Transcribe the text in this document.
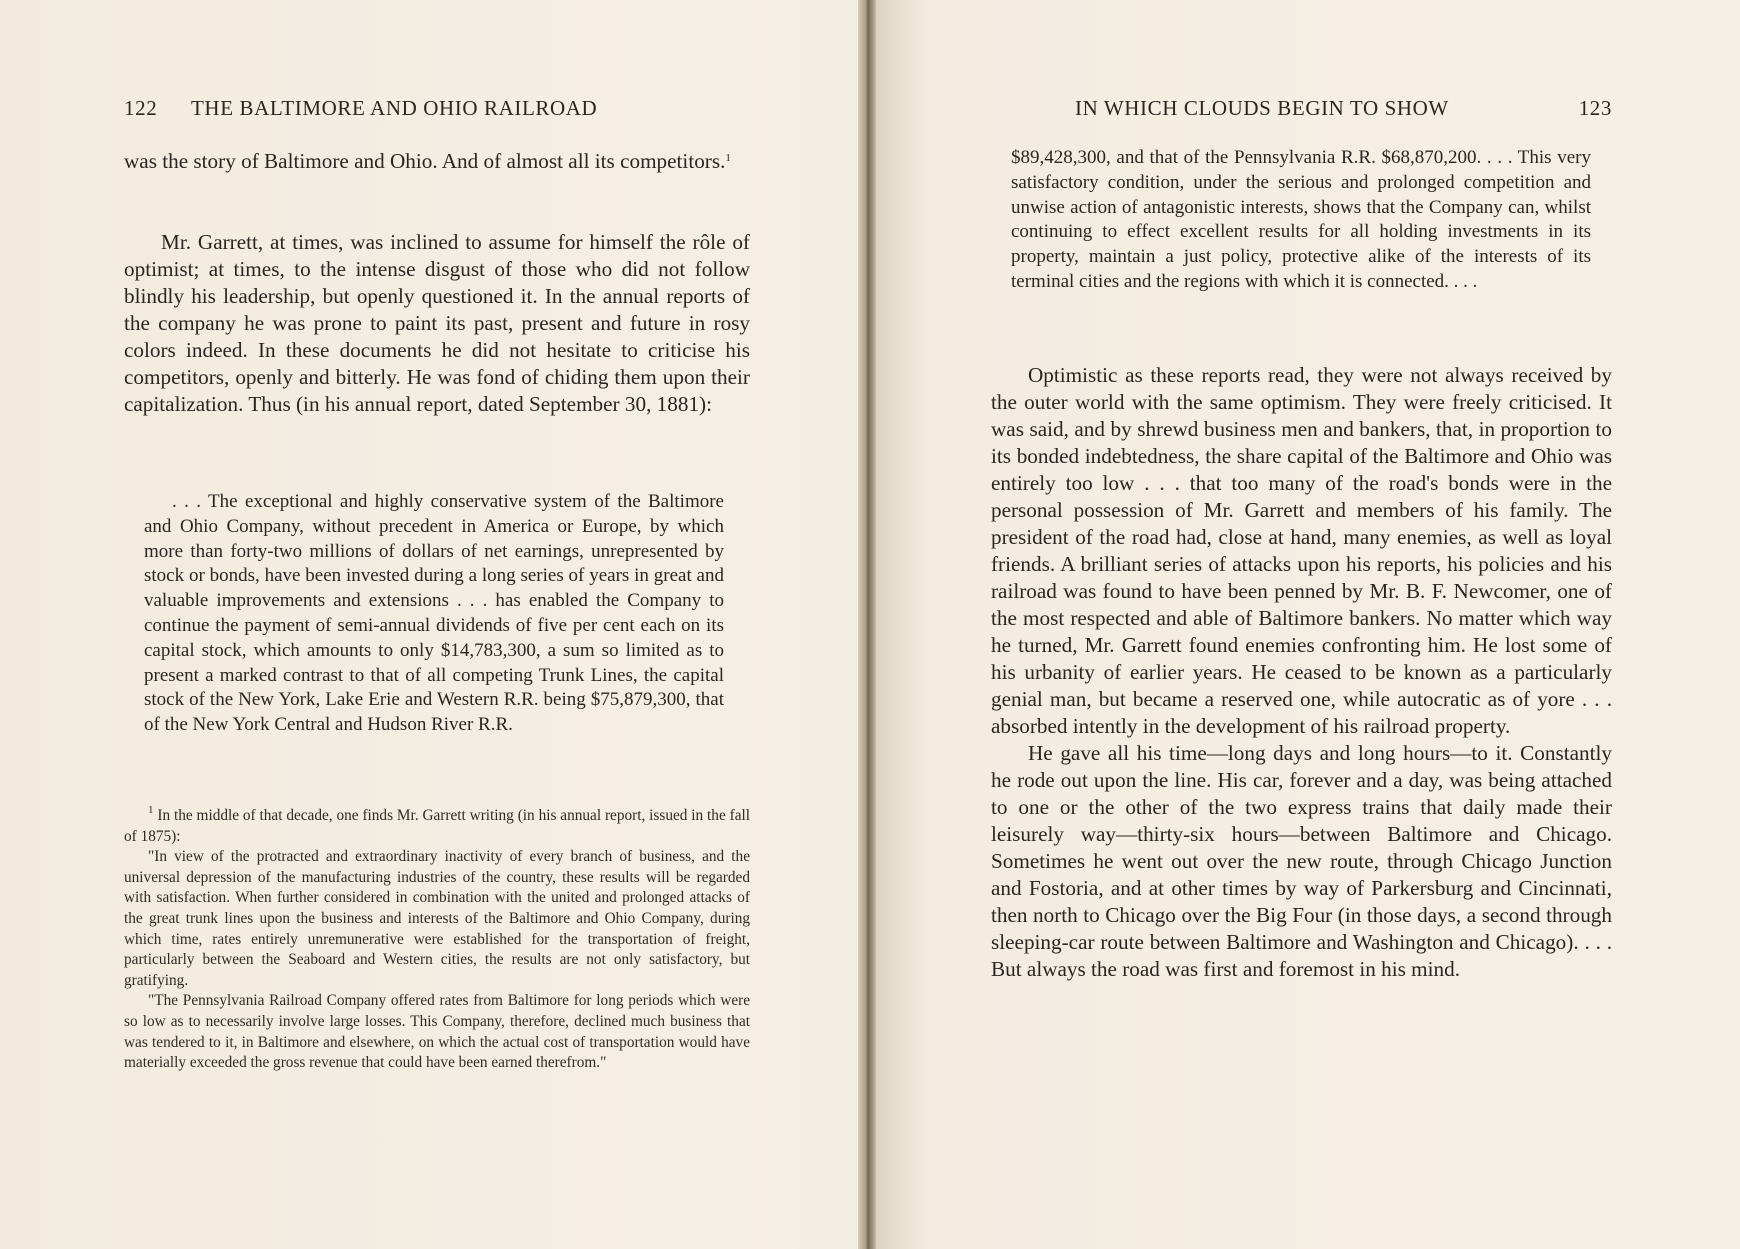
122 THE BALTIMORE AND OHIO RAILROAD

was the story of Baltimore and Ohio. And of almost all its competitors.$^1$

Mr. Garrett, at times, was inclined to assume for himself the rôle of optimist; at times, to the intense disgust of those who did not follow blindly his leadership, but openly questioned it. In the annual reports of the company he was prone to paint its past, present and future in rosy colors indeed. In these documents he did not hesitate to criticise his competitors, openly and bitterly. He was fond of chiding them upon their capitalization. Thus (in his annual report, dated September 30, 1881):

. . . The exceptional and highly conservative system of the Baltimore and Ohio Company, without precedent in America or Europe, by which more than forty-two millions of dollars of net earnings, unrepresented by stock or bonds, have been invested during a long series of years in great and valuable improvements and extensions . . . has enabled the Company to continue the payment of semi-annual dividends of five per cent each on its capital stock, which amounts to only $14,783,300, a sum so limited as to present a marked contrast to that of all competing Trunk Lines, the capital stock of the New York, Lake Erie and Western R.R. being $75,879,300, that of the New York Central and Hudson River R.R.

$^1$ In the middle of that decade, one finds Mr. Garrett writing (in his annual report, issued in the fall of 1875):

"In view of the protracted and extraordinary inactivity of every branch of business, and the universal depression of the manufacturing industries of the country, these results will be regarded with satisfaction. When further considered in combination with the united and prolonged attacks of the great trunk lines upon the business and interests of the Baltimore and Ohio Company, during which time, rates entirely unremunerative were established for the transportation of freight, particularly between the Seaboard and Western cities, the results are not only satisfactory, but gratifying.

"The Pennsylvania Railroad Company offered rates from Baltimore for long periods which were so low as to necessarily involve large losses. This Company, therefore, declined much business that was tendered to it, in Baltimore and elsewhere, on which the actual cost of transportation would have materially exceeded the gross revenue that could have been earned therefrom."

IN WHICH CLOUDS BEGIN TO SHOW	123

$89,428,300, and that of the Pennsylvania R.R. $68,870,200. . . . This very satisfactory condition, under the serious and prolonged competition and unwise action of antagonistic interests, shows that the Company can, whilst continuing to effect excellent results for all holding investments in its property, maintain a just policy, protective alike of the interests of its terminal cities and the regions with which it is connected. . . .

Optimistic as these reports read, they were not always received by the outer world with the same optimism. They were freely criticised. It was said, and by shrewd business men and bankers, that, in proportion to its bonded indebtedness, the share capital of the Baltimore and Ohio was entirely too low . . . that too many of the road's bonds were in the personal possession of Mr. Garrett and members of his family. The president of the road had, close at hand, many enemies, as well as loyal friends. A brilliant series of attacks upon his reports, his policies and his railroad was found to have been penned by Mr. B. F. Newcomer, one of the most respected and able of Baltimore bankers. No matter which way he turned, Mr. Garrett found enemies confronting him. He lost some of his urbanity of earlier years. He ceased to be known as a particularly genial man, but became a reserved one, while autocratic as of yore . . . absorbed intently in the development of his railroad property.

He gave all his time—long days and long hours—to it. Constantly he rode out upon the line. His car, forever and a day, was being attached to one or the other of the two express trains that daily made their leisurely way—thirty-six hours—between Baltimore and Chicago. Sometimes he went out over the new route, through Chicago Junction and Fostoria, and at other times by way of Parkersburg and Cincinnati, then north to Chicago over the Big Four (in those days, a second through sleeping-car route between Baltimore and Washington and Chicago). . . . But always the road was first and foremost in his mind.
